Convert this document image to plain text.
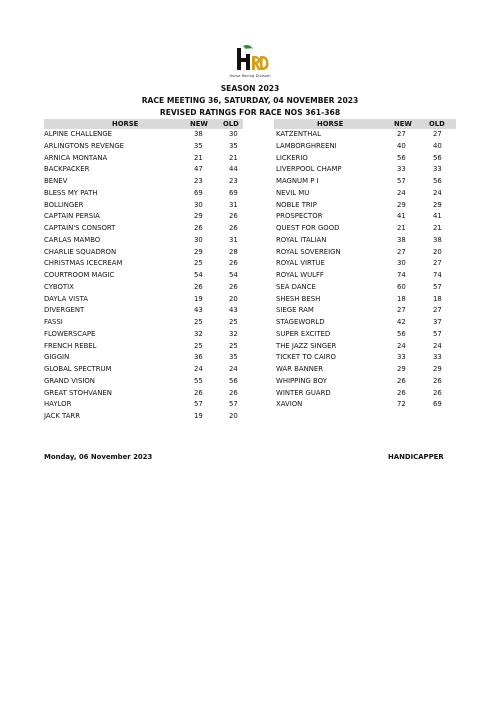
Horse Racing Division
SEASON 2023
RACE MEETING 36, SATURDAY, 04 NOVEMBER 2023
REVISED RATINGS FOR RACE NOS 361-368
HORSE	NEW OLD	HORSE	NEW	OLD
ALPINE CHALLENGE	38	30
ARLINGTONS REVENGE	35	35
ARNICA MONTANA	21	21
BACKPACKER	47	44
BENEV	23	23
BLESS MY PATH	69	69
BOLLINGER	30	31
CAPTAIN PERSIA	29	26
CAPTAIN'S CONSORT	26	26
CARLAS MAMBO	30	31
CHARLIE SQUADRON	29	28
CHRISTMAS ICECREAM	25	26
COURTROOM MAGIC	54	54
CYBOTIX	26	26
DAYLA VISTA	19	20
DIVERGENT	43	43
FASSI	25	25
FLOWERSCAPE	32	32
FRENCH REBEL	25	25
GIGGIN	36	35
GLOBAL SPECTRUM	24	24
GRAND VISION	55	56
GREAT STOHVANEN	26	26
HAYLOR	57	57
JACK TARR	19	20
KATZENTHAL	27	27
LAMBORGHREENI	40	40
LICKERIO	56	56
LIVERPOOL CHAMP	33	33
MAGNUM P I	57	56
NEVIL MU	24	24
NOBLE TRIP	29	29
PROSPECTOR	41	41
QUEST FOR GOOD	21	21
ROYAL ITALIAN	38	38
ROYAL SOVEREIGN	27	20
ROYAL VIRTUE	30	27
ROYAL WULFF	74	74
SEA DANCE	60	57
SHESH BESH	18	18
SIEGE RAM	27	27
STAGEWORLD	42	37
SUPER EXCITED	56	57
THE JAZZ SINGER	24	24
TICKET TO CAIRO	33	33
WAR BANNER	29	29
WHIPPING BOY	26	26
WINTER GUARD	26	26
XAVION	72	69
Monday, 06 November 2023	HANDICAPPER
